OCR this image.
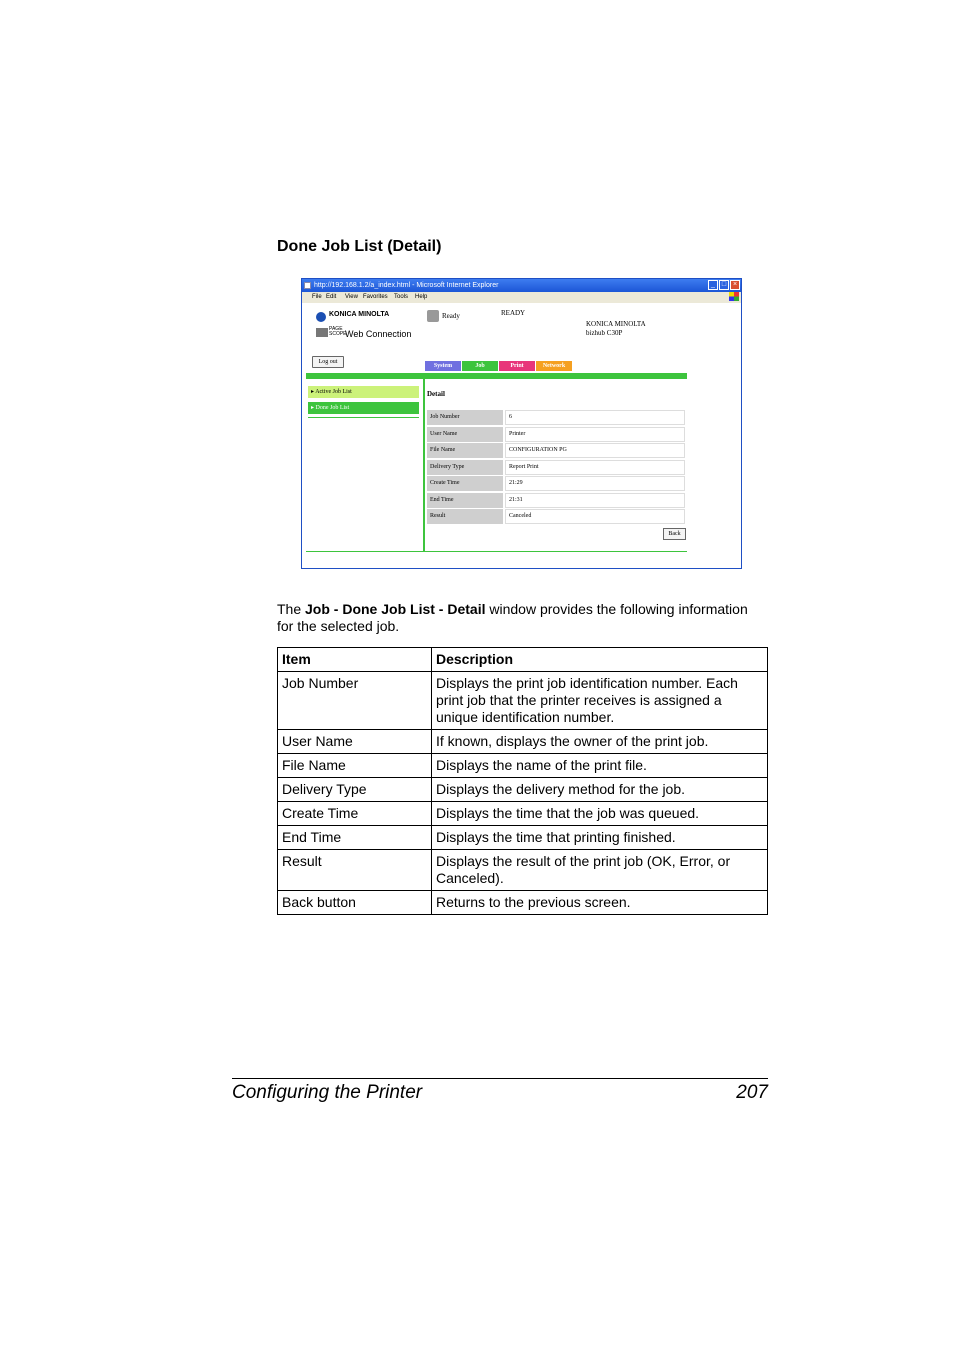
Done Job List (Detail)
http://192.168.1.2/a_index.html - Microsoft Internet Explorer	_ □ ×
File Edit View Favorites Tools Help
KONICA MINOLTA
PAGE SCOPE
Web Connection
Ready	READY
KONICA MINOLTA
bizhub C30P
Log out
System	Job	Print	Network
▸ Active Job List
▸ Done Job List
Detail
Job Number	6
User Name	Printer
File Name	CONFIGURATION PG
Delivery Type	Report Print
Create Time	21:29
End Time	21:31
Result	Canceled
Back
The Job - Done Job List - Detail window provides the following information for the selected job.
Item	Description
Job Number	Displays the print job identification number. Each print job that the printer receives is assigned a unique identification number.
User Name	If known, displays the owner of the print job.
File Name	Displays the name of the print file.
Delivery Type	Displays the delivery method for the job.
Create Time	Displays the time that the job was queued.
End Time	Displays the time that printing finished.
Result	Displays the result of the print job (OK, Error, or Canceled).
Back button	Returns to the previous screen.
Configuring the Printer	207
